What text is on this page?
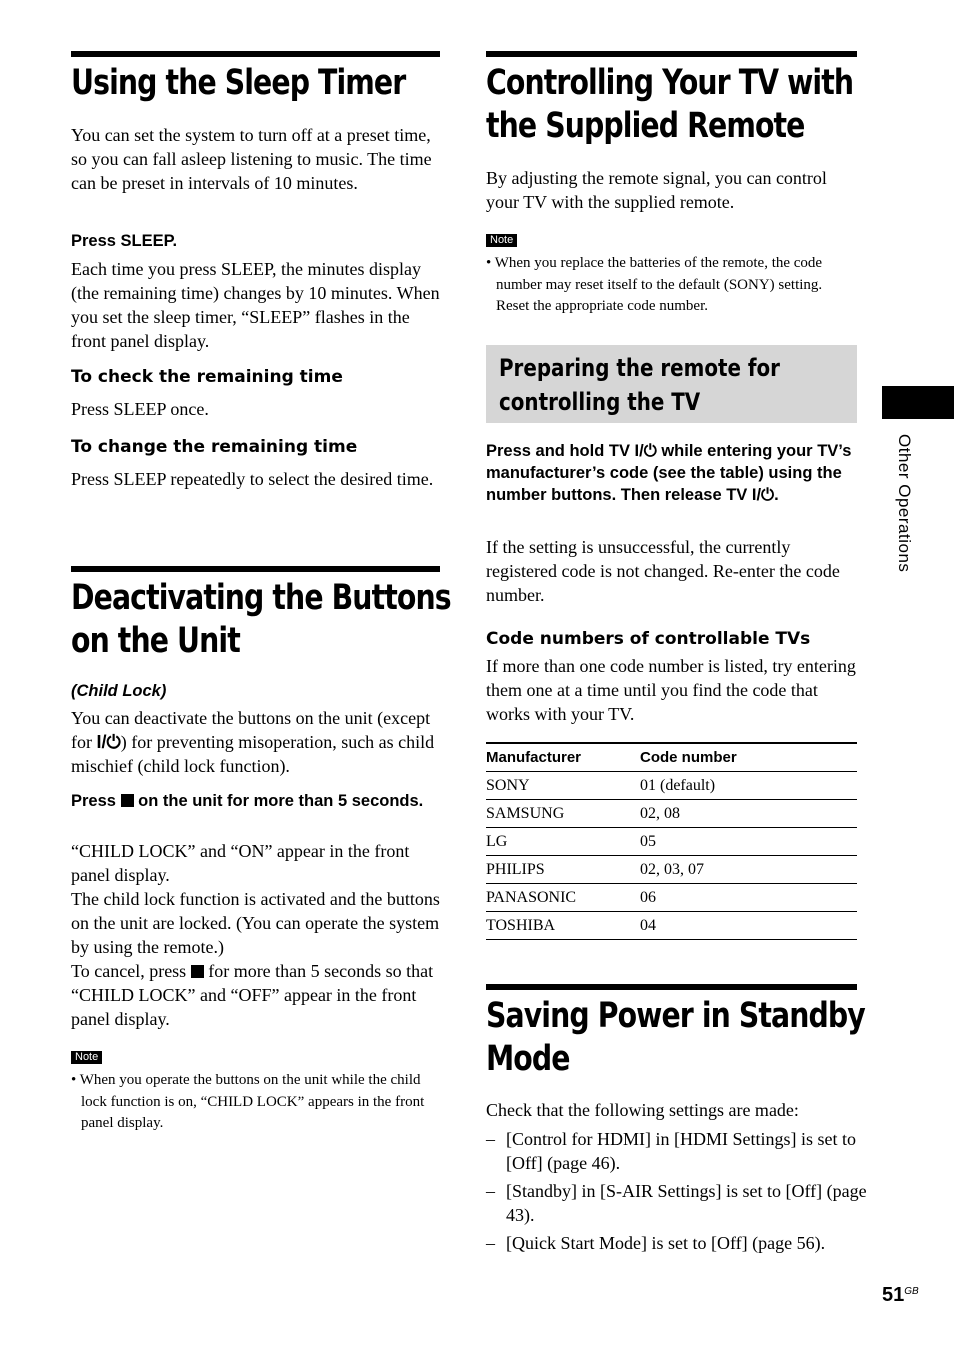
Using the Sleep Timer

You can set the system to turn off at a preset time, so you can fall asleep listening to music. The time can be preset in intervals of 10 minutes.

Press SLEEP.

Each time you press SLEEP, the minutes display (the remaining time) changes by 10 minutes. When you set the sleep timer, “SLEEP” flashes in the front panel display.

To check the remaining time

Press SLEEP once.

To change the remaining time

Press SLEEP repeatedly to select the desired time.

Deactivating the Buttons
on the Unit
(Child Lock)

You can deactivate the buttons on the unit (except for I/⏻) for preventing misoperation, such as child mischief (child lock function).

Press  on the unit for more than 5 seconds.

“CHILD LOCK” and “ON” appear in the front panel display.

The child lock function is activated and the buttons on the unit are locked. (You can operate the system by using the remote.)

To cancel, press  for more than 5 seconds so that “CHILD LOCK” and “OFF” appear in the front panel display.

Note

• When you operate the buttons on the unit while the child lock function is on, “CHILD LOCK” appears in the front panel display.

Controlling Your TV with
the Supplied Remote

By adjusting the remote signal, you can control your TV with the supplied remote.

Note

• When you replace the batteries of the remote, the code number may reset itself to the default (SONY) setting. Reset the appropriate code number.

Preparing the remote for
controlling the TV
Press and hold TV I/⏻ while entering your TV’s manufacturer’s code (see the table) using the number buttons. Then release TV I/⏻.

If the setting is unsuccessful, the currently registered code is not changed. Re-enter the code number.

Code numbers of controllable TVs

If more than one code number is listed, try entering them one at a time until you find the code that works with your TV.

Manufacturer	Code number
SONY	01 (default)
SAMSUNG	02, 08
LG	05
PHILIPS	02, 03, 07
PANASONIC	06
TOSHIBA	04
Saving Power in Standby
Mode

Check that the following settings are made:

– [Control for HDMI] in [HDMI Settings] is set to [Off] (page 46).

– [Standby] in [S-AIR Settings] is set to [Off] (page 43).

– [Quick Start Mode] is set to [Off] (page 56).

Other Operations
$51^{GB}$
